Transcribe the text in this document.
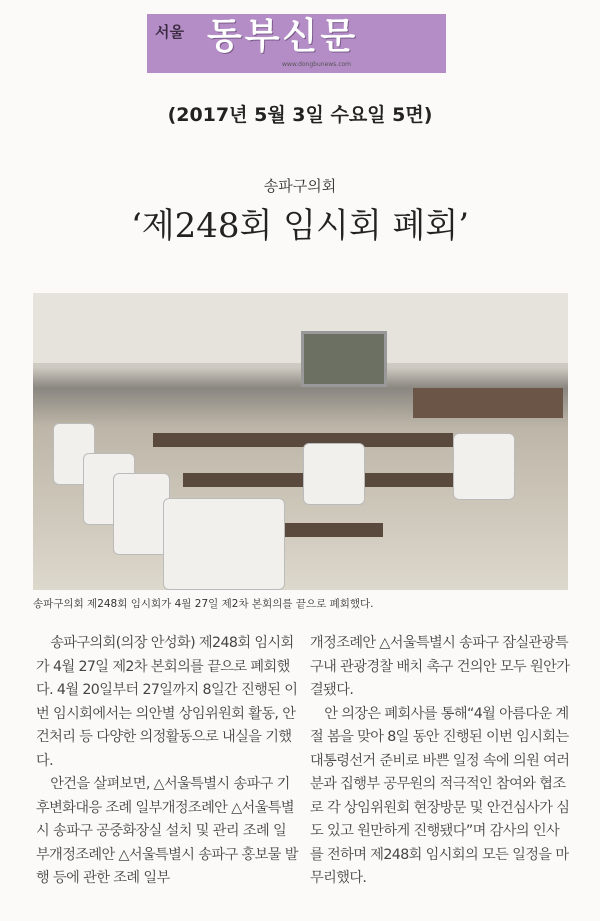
서울 동부신문
www.dongbunews.com
(2017년 5월 3일 수요일 5면)
송파구의회
‘제248회 임시회 폐회’
송파구의회 제248회 임시회가 4월 27일 제2차 본회의를 끝으로 폐회했다.

송파구의회(의장 안성화) 제248회 임시회가 4월 27일 제2차 본회의를 끝으로 폐회했다. 4월 20일부터 27일까지 8일간 진행된 이번 임시회에서는 의안별 상임위원회 활동, 안건처리 등 다양한 의정활동으로 내실을 기했다.

안건을 살펴보면, △서울특별시 송파구 기후변화대응 조례 일부개정조례안 △서울특별시 송파구 공중화장실 설치 및 관리 조례 일부개정조례안 △서울특별시 송파구 홍보물 발행 등에 관한 조례 일부

개정조례안 △서울특별시 송파구 잠실관광특구내 관광경찰 배치 촉구 건의안 모두 원안가결됐다.

안 의장은 폐회사를 통해“4월 아름다운 계절 봄을 맞아 8일 동안 진행된 이번 임시회는 대통령선거 준비로 바쁜 일정 속에 의원 여러분과 집행부 공무원의 적극적인 참여와 협조로 각 상임위원회 현장방문 및 안건심사가 심도 있고 원만하게 진행됐다”며 감사의 인사를 전하며 제248회 임시회의 모든 일정을 마무리했다.
